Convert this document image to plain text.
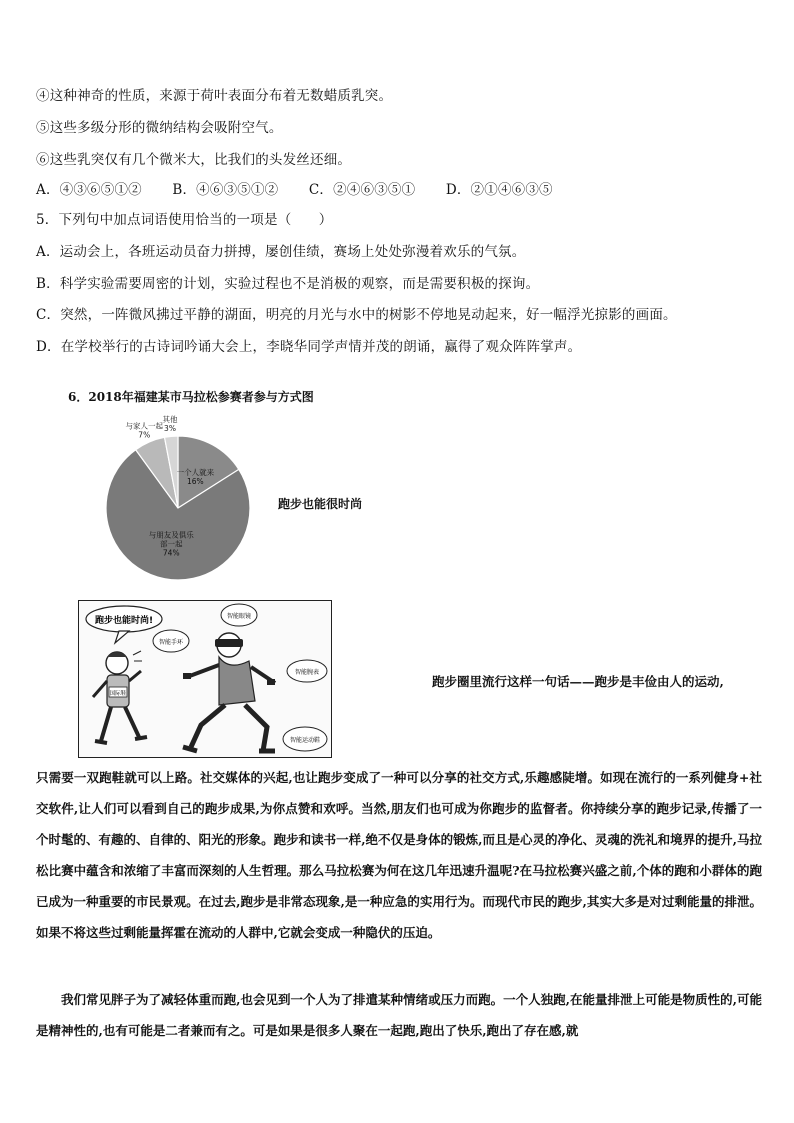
④这种神奇的性质，来源于荷叶表面分布着无数蜡质乳突。
⑤这些多级分形的微纳结构会吸附空气。
⑥这些乳突仅有几个微米大，比我们的头发丝还细。
A．④③⑥⑤①② B．④⑥③⑤①② C．②④⑥③⑤① D．②①④⑥③⑤
5．下列句中加点词语使用恰当的一项是（　　）
A．运动会上，各班运动员奋力拼搏，屡创佳绩，赛场上处处弥漫着欢乐的气氛。
B．科学实验需要周密的计划，实验过程也不是消极的观察，而是需要积极的探询。
C．突然，一阵微风拂过平静的湖面，明亮的月光与水中的树影不停地晃动起来，好一幅浮光掠影的画面。
D．在学校举行的古诗词吟诵大会上，李晓华同学声情并茂的朗诵，赢得了观众阵阵掌声。
6．2018年福建某市马拉松参赛者参与方式图
一个人就来 16%
与朋友及俱乐部一起 74%
与家人一起 7%
其他 3%
跑步也能很时尚
跑步也能时尚!
国际鞋
智能眼镜
智能手环
智能腕表
智能运动鞋
跑步圈里流行这样一句话——跑步是丰俭由人的运动,
只需要一双跑鞋就可以上路。社交媒体的兴起,也让跑步变成了一种可以分享的社交方式,乐趣感陡增。如现在流行的一系列健身+社交软件,让人们可以看到自己的跑步成果,为你点赞和欢呼。当然,朋友们也可成为你跑步的监督者。你持续分享的跑步记录,传播了一个时髦的、有趣的、自律的、阳光的形象。跑步和读书一样,绝不仅是身体的锻炼,而且是心灵的净化、灵魂的洗礼和境界的提升,马拉松比赛中蕴含和浓缩了丰富而深刻的人生哲理。那么马拉松赛为何在这几年迅速升温呢?在马拉松赛兴盛之前,个体的跑和小群体的跑已成为一种重要的市民景观。在过去,跑步是非常态现象,是一种应急的实用行为。而现代市民的跑步,其实大多是对过剩能量的排泄。如果不将这些过剩能量挥霍在流动的人群中,它就会变成一种隐伏的压迫。
我们常见胖子为了减轻体重而跑,也会见到一个人为了排遣某种情绪或压力而跑。一个人独跑,在能量排泄上可能是物质性的,可能是精神性的,也有可能是二者兼而有之。可是如果是很多人聚在一起跑,跑出了快乐,跑出了存在感,就
